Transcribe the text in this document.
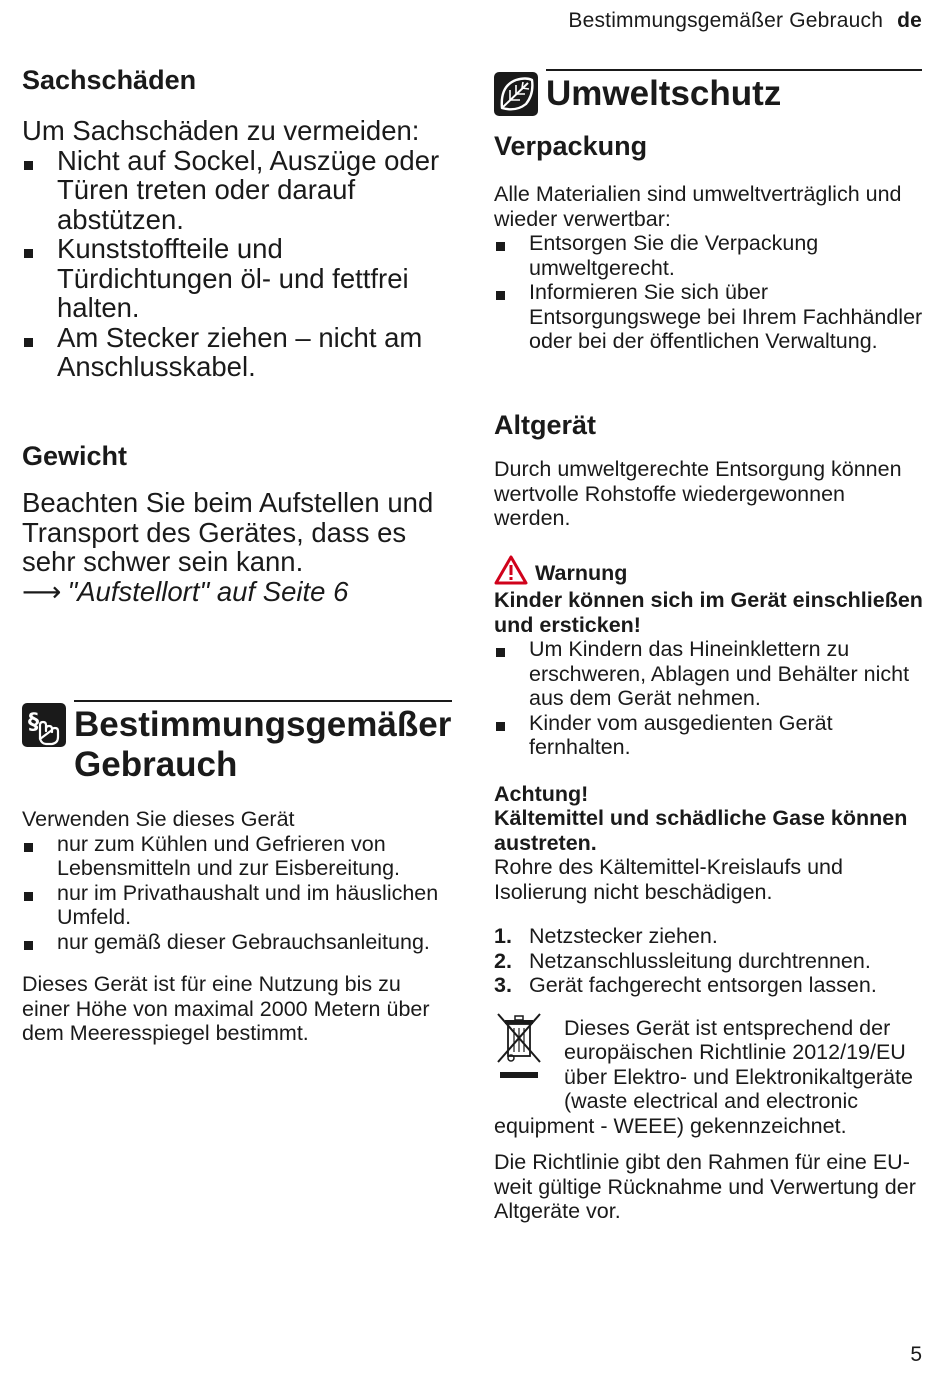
Bestimmungsgemäßer Gebrauch de
Sachschäden
Um Sachschäden zu vermeiden:
Nicht auf Sockel, Auszüge oder Türen treten oder darauf abstützen.
Kunststoffteile und Türdichtungen öl- und fettfrei halten.
Am Stecker ziehen – nicht am Anschlusskabel.
Gewicht
Beachten Sie beim Aufstellen und Transport des Gerätes, dass es sehr schwer sein kann.
⟶ "Aufstellort" auf Seite 6
§ Bestimmungsgemäßer
Gebrauch
Verwenden Sie dieses Gerät
nur zum Kühlen und Gefrieren von Lebensmitteln und zur Eisbereitung.
nur im Privathaushalt und im häuslichen Umfeld.
nur gemäß dieser Gebrauchsanleitung.
Dieses Gerät ist für eine Nutzung bis zu einer Höhe von maximal 2000 Metern über dem Meeresspiegel bestimmt.
Umweltschutz
Verpackung
Alle Materialien sind umweltverträglich und wieder verwertbar:
Entsorgen Sie die Verpackung umweltgerecht.
Informieren Sie sich über Entsorgungswege bei Ihrem Fachhändler oder bei der öffentlichen Verwaltung.
Altgerät
Durch umweltgerechte Entsorgung können wertvolle Rohstoffe wiedergewonnen werden.
Warnung
Kinder können sich im Gerät einschließen und ersticken!
Um Kindern das Hineinklettern zu erschweren, Ablagen und Behälter nicht aus dem Gerät nehmen.
Kinder vom ausgedienten Gerät fernhalten.
Achtung!
Kältemittel und schädliche Gase können austreten.
Rohre des Kältemittel-Kreislaufs und Isolierung nicht beschädigen.
1. Netzstecker ziehen.
2. Netzanschlussleitung durchtrennen.
3. Gerät fachgerecht entsorgen lassen.
Dieses Gerät ist entsprechend der europäischen Richtlinie 2012/19/EU über Elektro- und Elektronikaltgeräte (waste electrical and electronic equipment - WEEE) gekennzeichnet.
Die Richtlinie gibt den Rahmen für eine EU-weit gültige Rücknahme und Verwertung der Altgeräte vor.
5
